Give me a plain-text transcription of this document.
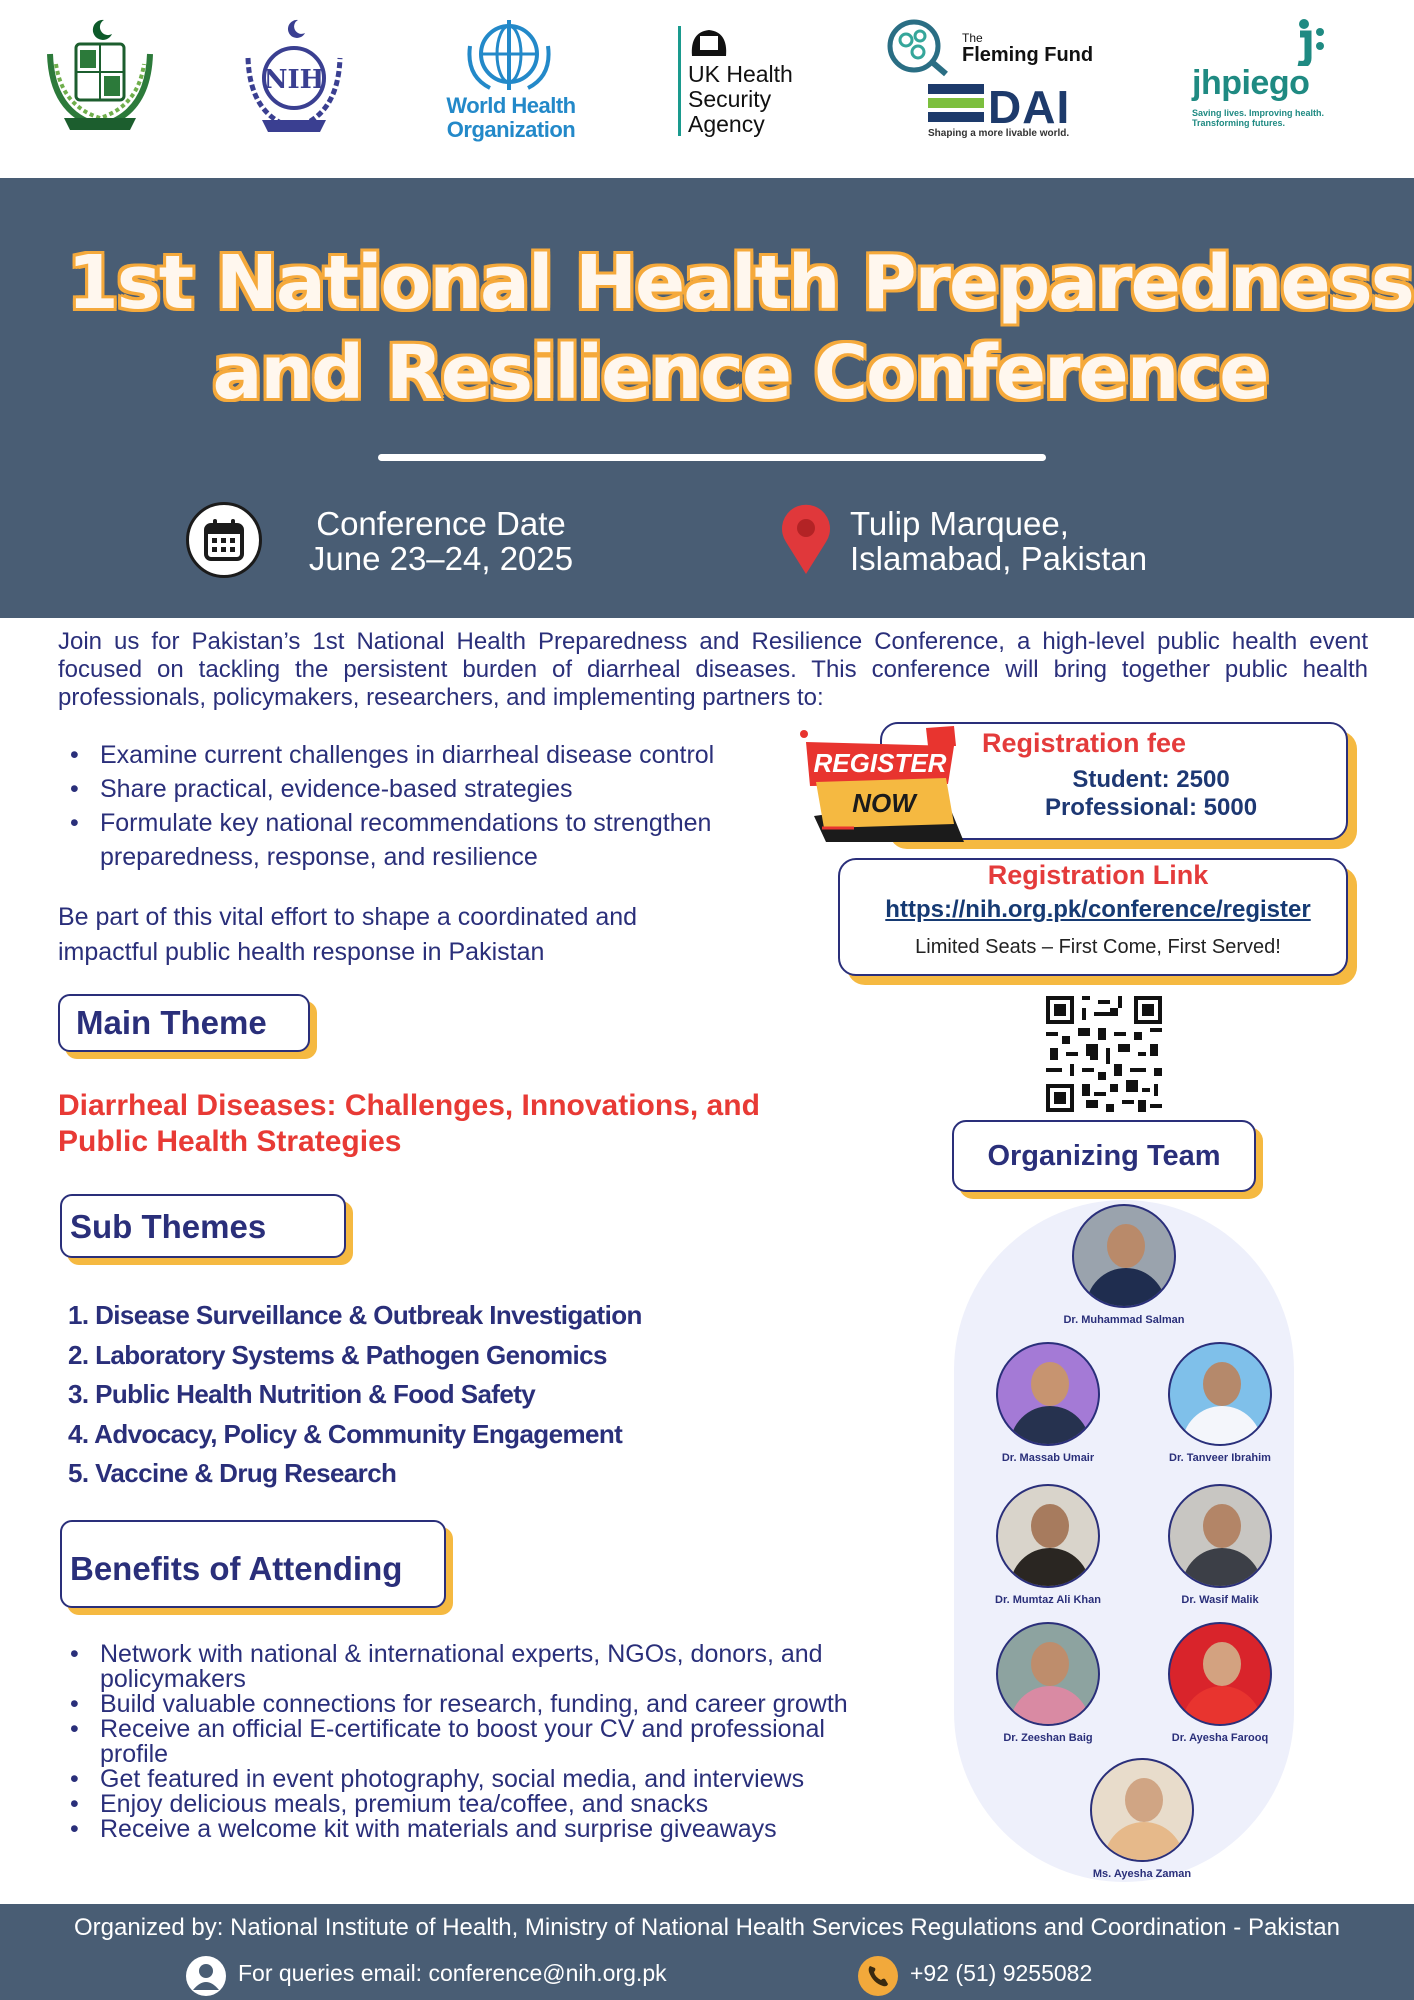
NIH
World Health Organization
UK Health
Security
Agency
The
Fleming Fund
DAI
Shaping a more livable world.
jhpiego
Saving lives. Improving health. Transforming futures.
1st National Health Preparedness
and Resilience Conference
Conference Date
June 23–24, 2025
Tulip Marquee,
Islamabad, Pakistan

Join us for Pakistan’s 1st National Health Preparedness and Resilience Conference, a high-level public health event focused on tackling the persistent burden of diarrheal diseases. This conference will bring together public health professionals, policymakers, researchers, and implementing partners to:

• Examine current challenges in diarrheal disease control
• Share practical, evidence-based strategies
• Formulate key national recommendations to strengthen preparedness, response, and resilience

Be part of this vital effort to shape a coordinated and impactful public health response in Pakistan

Registration fee
Student: 2500
Professional: 5000
REGISTER
NOW
Registration Link
https://nih.org.pk/conference/register
Limited Seats – First Come, First Served!
Main Theme
Diarrheal Diseases: Challenges, Innovations, and Public Health Strategies
Sub Themes
1. Disease Surveillance & Outbreak Investigation
2. Laboratory Systems & Pathogen Genomics
3. Public Health Nutrition & Food Safety
4. Advocacy, Policy & Community Engagement
5. Vaccine & Drug Research
Benefits of Attending
• Network with national & international experts, NGOs, donors, and policymakers
• Build valuable connections for research, funding, and career growth
• Receive an official E-certificate to boost your CV and professional profile
• Get featured in event photography, social media, and interviews
• Enjoy delicious meals, premium tea/coffee, and snacks
• Receive a welcome kit with materials and surprise giveaways
Organizing Team
Dr. Muhammad Salman
Dr. Massab Umair	Dr. Tanveer Ibrahim
Dr. Mumtaz Ali Khan	Dr. Wasif Malik
Dr. Zeeshan Baig	Dr. Ayesha Farooq
Ms. Ayesha Zaman
Organized by: National Institute of Health, Ministry of National Health Services Regulations and Coordination - Pakistan
For queries email: conference@nih.org.pk	+92 (51) 9255082
